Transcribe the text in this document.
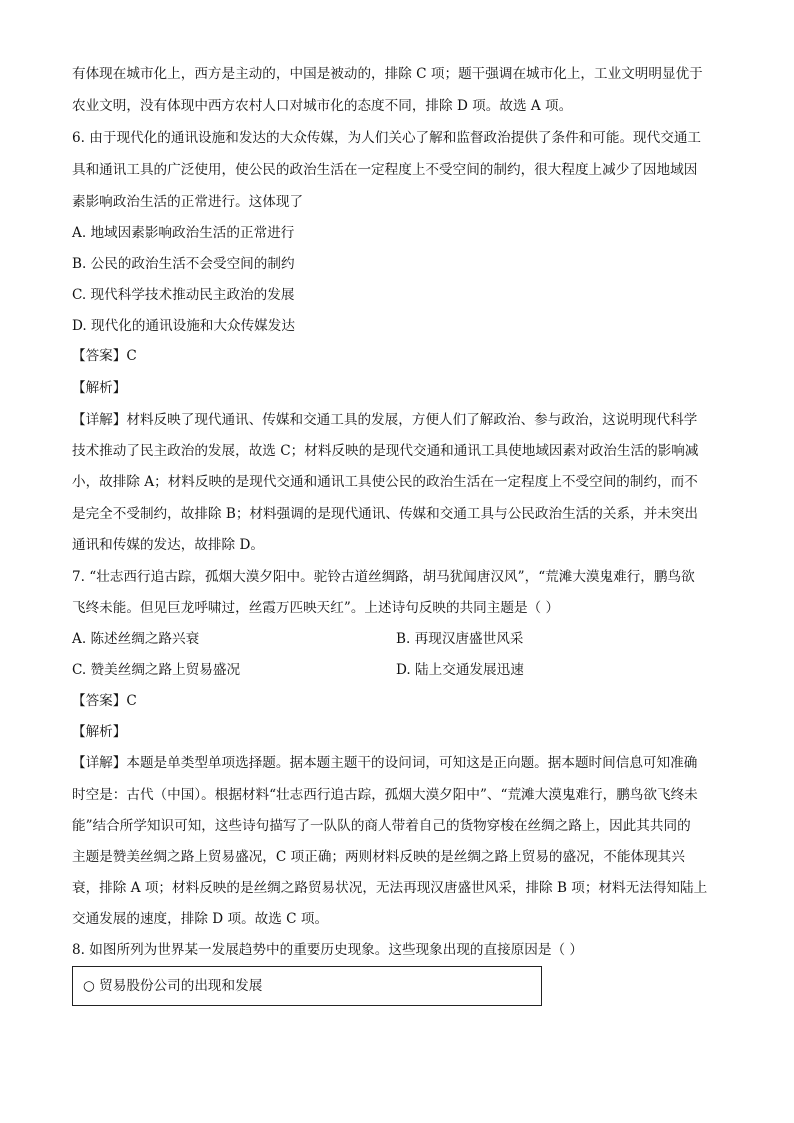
有体现在城市化上，西方是主动的，中国是被动的，排除 C 项；题干强调在城市化上，工业文明明显优于
农业文明，没有体现中西方农村人口对城市化的态度不同，排除 D 项。故选 A 项。
6. 由于现代化的通讯设施和发达的大众传媒，为人们关心了解和监督政治提供了条件和可能。现代交通工
具和通讯工具的广泛使用，使公民的政治生活在一定程度上不受空间的制约，很大程度上减少了因地域因
素影响政治生活的正常进行。这体现了
A. 地域因素影响政治生活的正常进行
B. 公民的政治生活不会受空间的制约
C. 现代科学技术推动民主政治的发展
D. 现代化的通讯设施和大众传媒发达
【答案】C
【解析】
【详解】材料反映了现代通讯、传媒和交通工具的发展，方便人们了解政治、参与政治，这说明现代科学
技术推动了民主政治的发展，故选 C；材料反映的是现代交通和通讯工具使地域因素对政治生活的影响减
小，故排除 A；材料反映的是现代交通和通讯工具使公民的政治生活在一定程度上不受空间的制约，而不
是完全不受制约，故排除 B；材料强调的是现代通讯、传媒和交通工具与公民政治生活的关系，并未突出
通讯和传媒的发达，故排除 D。
7. “壮志西行追古踪，孤烟大漠夕阳中。驼铃古道丝绸路，胡马犹闻唐汉风”，“荒滩大漠鬼难行，鹏鸟欲
飞终未能。但见巨龙呼啸过，丝霞万匹映天红”。上述诗句反映的共同主题是（ ）
A. 陈述丝绸之路兴衰	B. 再现汉唐盛世风采
C. 赞美丝绸之路上贸易盛况	D. 陆上交通发展迅速
【答案】C
【解析】
【详解】本题是单类型单项选择题。据本题主题干的设问词，可知这是正向题。据本题时间信息可知准确
时空是：古代（中国）。根据材料“壮志西行追古踪，孤烟大漠夕阳中”、“荒滩大漠鬼难行，鹏鸟欲飞终未
能”结合所学知识可知，这些诗句描写了一队队的商人带着自己的货物穿梭在丝绸之路上，因此其共同的
主题是赞美丝绸之路上贸易盛况，C 项正确；两则材料反映的是丝绸之路上贸易的盛况，不能体现其兴
衰，排除 A 项；材料反映的是丝绸之路贸易状况，无法再现汉唐盛世风采，排除 B 项；材料无法得知陆上
交通发展的速度，排除 D 项。故选 C 项。
8. 如图所列为世界某一发展趋势中的重要历史现象。这些现象出现的直接原因是（ ）
○ 贸易股份公司的出现和发展
